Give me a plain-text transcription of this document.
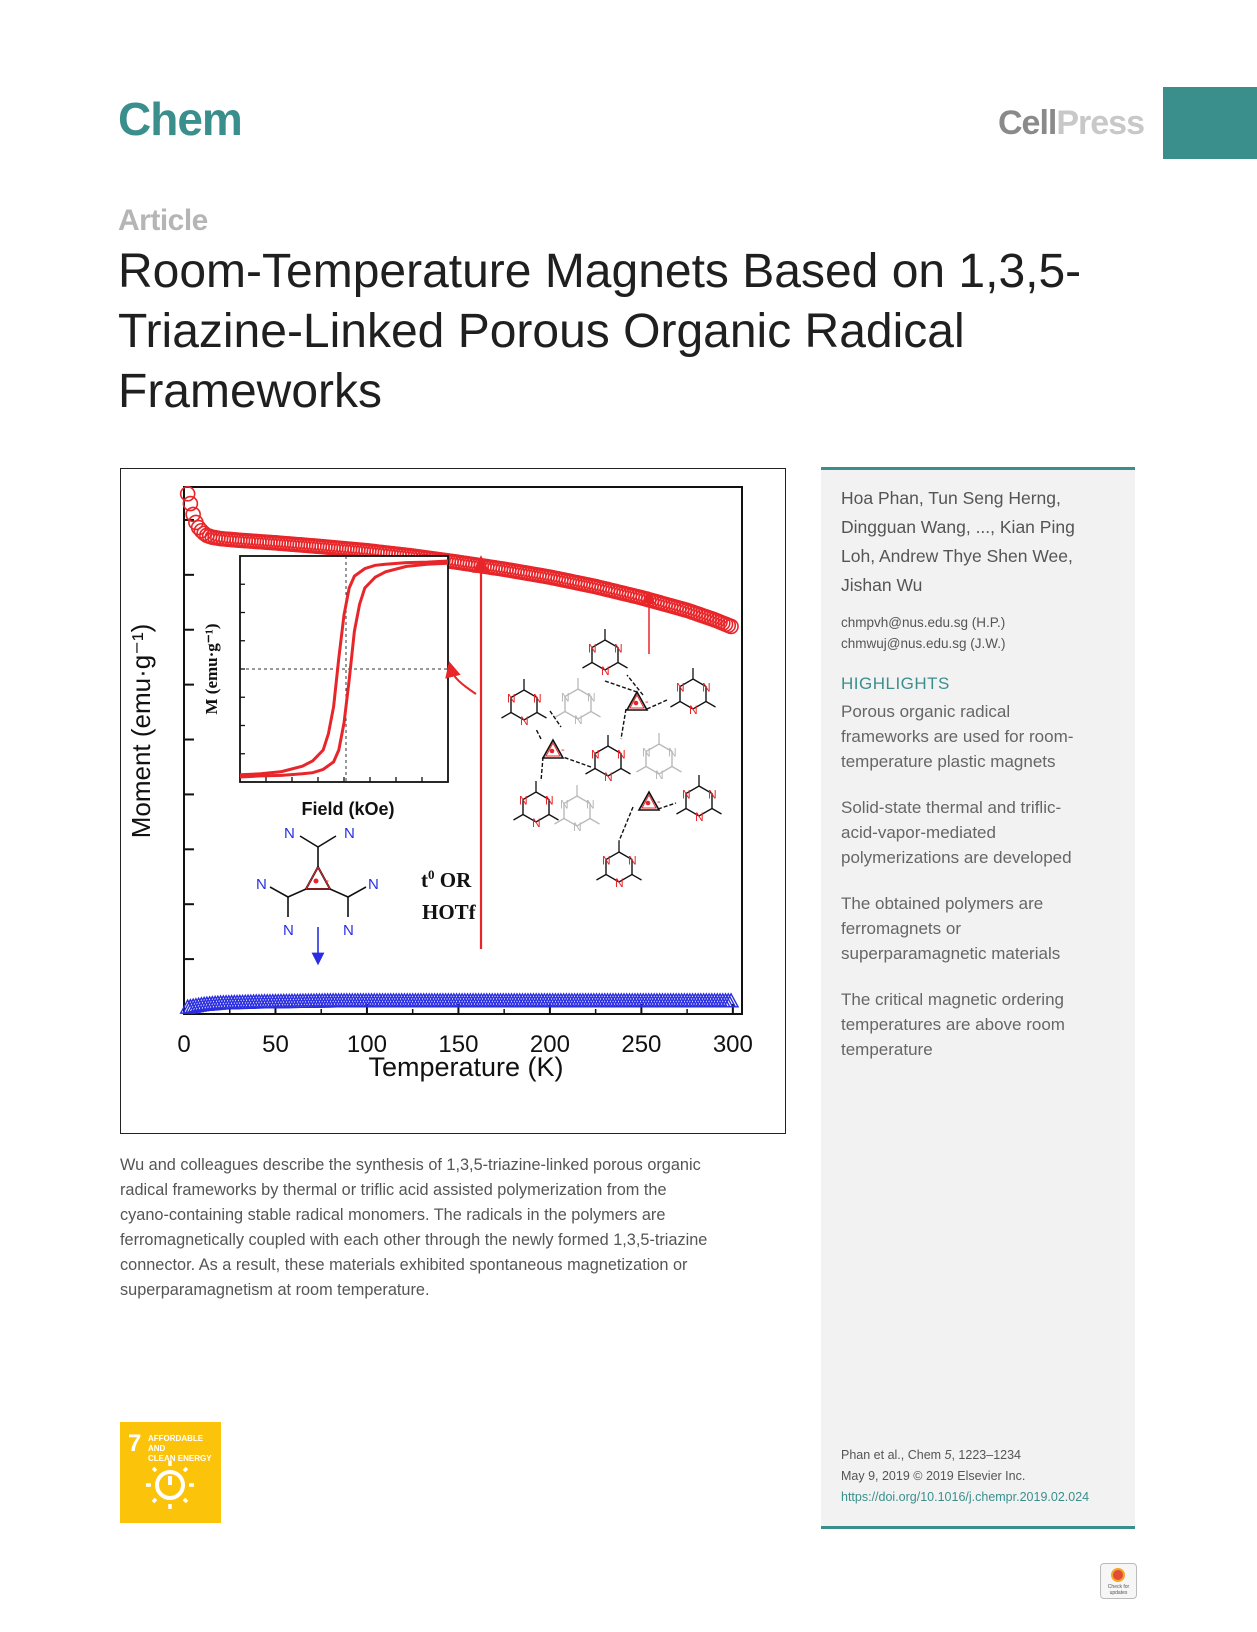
Chem	CellPress
Article
Room-Temperature Magnets Based on 1,3,5-
Triazine-Linked Porous Organic Radical
Frameworks
0	50 100 150 200 250 300
Temperature (K)
Moment (emu·g⁻¹)	Field (kOe)
M (emu·g⁻¹)
-
N	N
N	N
N	N
N
N
N
N
N
N
N
N
N	N
N
N
N
N
N	N
N
N
N
N
N	N
N
N
N
N
N
N
N
N
-
-
-
$t^0$ OR
HOTf
Wu and colleagues describe the synthesis of 1,3,5-triazine-linked porous organic
radical frameworks by thermal or triflic acid assisted polymerization from the
cyano-containing stable radical monomers. The radicals in the polymers are
ferromagnetically coupled with each other through the newly formed 1,3,5-triazine
connector. As a result, these materials exhibited spontaneous magnetization or
superparamagnetism at room temperature.
7 AFFORDABLE AND
CLEAN ENERGY
Hoa Phan, Tun Seng Herng,
Dingguan Wang, ..., Kian Ping
Loh, Andrew Thye Shen Wee,
Jishan Wu
chmpvh@nus.edu.sg (H.P.)
chmwuj@nus.edu.sg (J.W.)
HIGHLIGHTS
Porous organic radical
frameworks are used for room-
temperature plastic magnets
Solid-state thermal and triflic-
acid-vapor-mediated
polymerizations are developed
The obtained polymers are
ferromagnets or
superparamagnetic materials
The critical magnetic ordering
temperatures are above room
temperature
Phan et al., Chem 5, 1223–1234
May 9, 2019 © 2019 Elsevier Inc.
https://doi.org/10.1016/j.chempr.2019.02.024
Check for
updates
